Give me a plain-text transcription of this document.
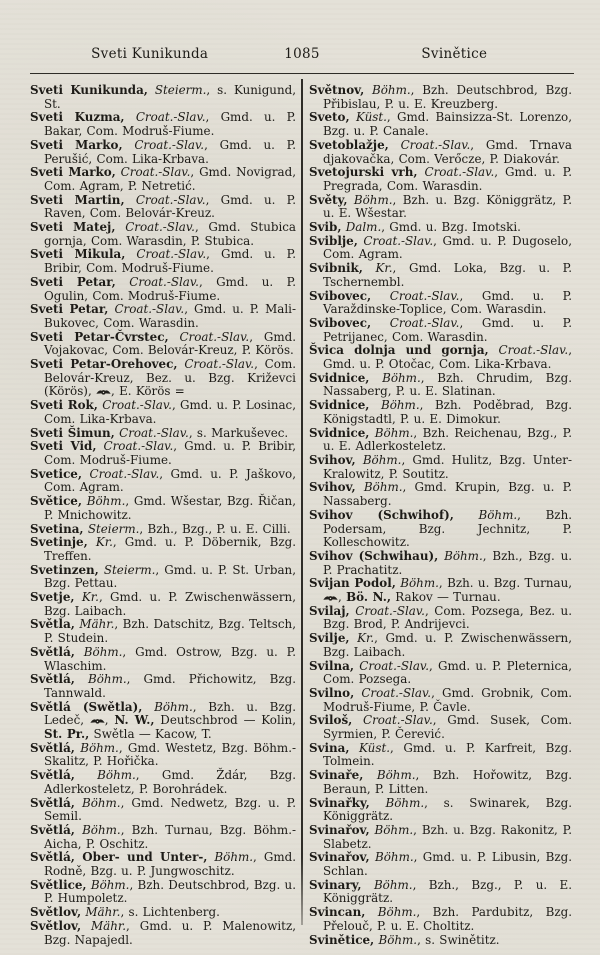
Sveti Kunikunda	1085	Svinětice

Sveti Kunikunda, Steierm., s. Kunigund, St.

Sveti Kuzma, Croat.-Slav., Gmd. u. P. Bakar, Com. Modruš-Fiume.

Sveti Marko, Croat.-Slav., Gmd. u. P. Perušić, Com. Lika-Krbava.

Sveti Marko, Croat.-Slav., Gmd. Novigrad, Com. Agram, P. Netretić.

Sveti Martin, Croat.-Slav., Gmd. u. P. Raven, Com. Belovár-Kreuz.

Sveti Matej, Croat.-Slav., Gmd. Stubica gornja, Com. Warasdin, P. Stubica.

Sveti Mikula, Croat.-Slav., Gmd. u. P. Bribir, Com. Modruš-Fiume.

Sveti Petar, Croat.-Slav., Gmd. u. P. Ogulin, Com. Modruš-Fiume.

Sveti Petar, Croat.-Slav., Gmd. u. P. Mali-Bukovec, Com. Warasdin.

Sveti Petar-Čvrstec, Croat.-Slav., Gmd. Vojakovac, Com. Belovár-Kreuz, P. Körös.

Sveti Petar-Orehovec, Croat.-Slav., Com. Belovár-Kreuz, Bez. u. Bzg. Križevci (Körös),
, E. Körös =

Sveti Rok, Croat.-Slav., Gmd. u. P. Losinac, Com. Lika-Krbava.

Sveti Šimun, Croat.-Slav., s. Markuševec.

Sveti Vid, Croat.-Slav., Gmd. u. P. Bribir, Com. Modruš-Fiume.

Svetice, Croat.-Slav., Gmd. u. P. Jaškovo, Com. Agram.

Světice, Böhm., Gmd. Wšestar, Bzg. Řičan, P. Mnichowitz.

Svetina, Steierm., Bzh., Bzg., P. u. E. Cilli.

Svetinje, Kr., Gmd. u. P. Döbernik, Bzg. Treffen.

Svetinzen, Steierm., Gmd. u. P. St. Urban, Bzg. Pettau.

Svetje, Kr., Gmd. u. P. Zwischenwässern, Bzg. Laibach.

Světla, Mähr., Bzh. Datschitz, Bzg. Teltsch, P. Studein.

Světlá, Böhm., Gmd. Ostrow, Bzg. u. P. Wlaschim.

Světlá, Böhm., Gmd. Přichowitz, Bzg. Tannwald.

Světlá (Swětla), Böhm., Bzh. u. Bzg. Ledeč,
, N. W., Deutschbrod — Kolin, St. Pr., Swětla — Kacow, T.

Světlá, Böhm., Gmd. Westetz, Bzg. Böhm.-Skalitz, P. Hořička.

Světlá, Böhm., Gmd. Ždár, Bzg. Adlerkosteletz, P. Borohrádek.

Světlá, Böhm., Gmd. Nedwetz, Bzg. u. P. Semil.

Světlá, Böhm., Bzh. Turnau, Bzg. Böhm.-Aicha, P. Oschitz.

Světlá, Ober- und Unter-, Böhm., Gmd. Rodně, Bzg. u. P. Jungwoschitz.

Světlice, Böhm., Bzh. Deutschbrod, Bzg. u. P. Humpoletz.

Světlov, Mähr., s. Lichtenberg.

Světlov, Mähr., Gmd. u. P. Malenowitz, Bzg. Napajedl.

Světnov, Böhm., Bzh. Deutschbrod, Bzg. Přibislau, P. u. E. Kreuzberg.

Sveto, Küst., Gmd. Bainsizza-St. Lorenzo, Bzg. u. P. Canale.

Svetoblažje, Croat.-Slav., Gmd. Trnava djakovačka, Com. Verőcze, P. Diakovár.

Svetojurski vrh, Croat.-Slav., Gmd. u. P. Pregrada, Com. Warasdin.

Světy, Böhm., Bzh. u. Bzg. Königgrätz, P. u. E. Wšestar.

Svib, Dalm., Gmd. u. Bzg. Imotski.

Sviblje, Croat.-Slav., Gmd. u. P. Dugoselo, Com. Agram.

Svibnik, Kr., Gmd. Loka, Bzg. u. P. Tschernembl.

Svibovec, Croat.-Slav., Gmd. u. P. Varaždinske-Toplice, Com. Warasdin.

Svibovec, Croat.-Slav., Gmd. u. P. Petrijanec, Com. Warasdin.

Švica dolnja und gornja, Croat.-Slav., Gmd. u. P. Otočac, Com. Lika-Krbava.

Svidnice, Böhm., Bzh. Chrudim, Bzg. Nassaberg, P. u. E. Slatinan.

Svidnice, Böhm., Bzh. Poděbrad, Bzg. Königstadtl, P. u. E. Dimokur.

Svidnice, Böhm., Bzh. Reichenau, Bzg., P. u. E. Adlerkosteletz.

Svihov, Böhm., Gmd. Hulitz, Bzg. Unter-Kralowitz, P. Soutitz.

Svihov, Böhm., Gmd. Krupin, Bzg. u. P. Nassaberg.

Svihov (Schwihof), Böhm., Bzh. Podersam, Bzg. Jechnitz, P. Kolleschowitz.

Svihov (Schwihau), Böhm., Bzh., Bzg. u. P. Prachatitz.

Svijan Podol, Böhm., Bzh. u. Bzg. Turnau,
, Bö. N., Rakov — Turnau.

Svilaj, Croat.-Slav., Com. Pozsega, Bez. u. Bzg. Brod, P. Andrijevci.

Svilje, Kr., Gmd. u. P. Zwischenwässern, Bzg. Laibach.

Svilna, Croat.-Slav., Gmd. u. P. Pleternica, Com. Pozsega.

Svilno, Croat.-Slav., Gmd. Grobnik, Com. Modruš-Fiume, P. Čavle.

Sviloš, Croat.-Slav., Gmd. Susek, Com. Syrmien, P. Čerević.

Svina, Küst., Gmd. u. P. Karfreit, Bzg. Tolmein.

Svinaře, Böhm., Bzh. Hořowitz, Bzg. Beraun, P. Litten.

Svinařky, Böhm., s. Swinarek, Bzg. Königgrätz.

Svinařov, Böhm., Bzh. u. Bzg. Rakonitz, P. Slabetz.

Svinařov, Böhm., Gmd. u. P. Libusin, Bzg. Schlan.

Svinary, Böhm., Bzh., Bzg., P. u. E. Königgrätz.

Svincan, Böhm., Bzh. Pardubitz, Bzg. Přelouč, P. u. E. Choltitz.

Svinětice, Böhm., s. Swinětitz.
